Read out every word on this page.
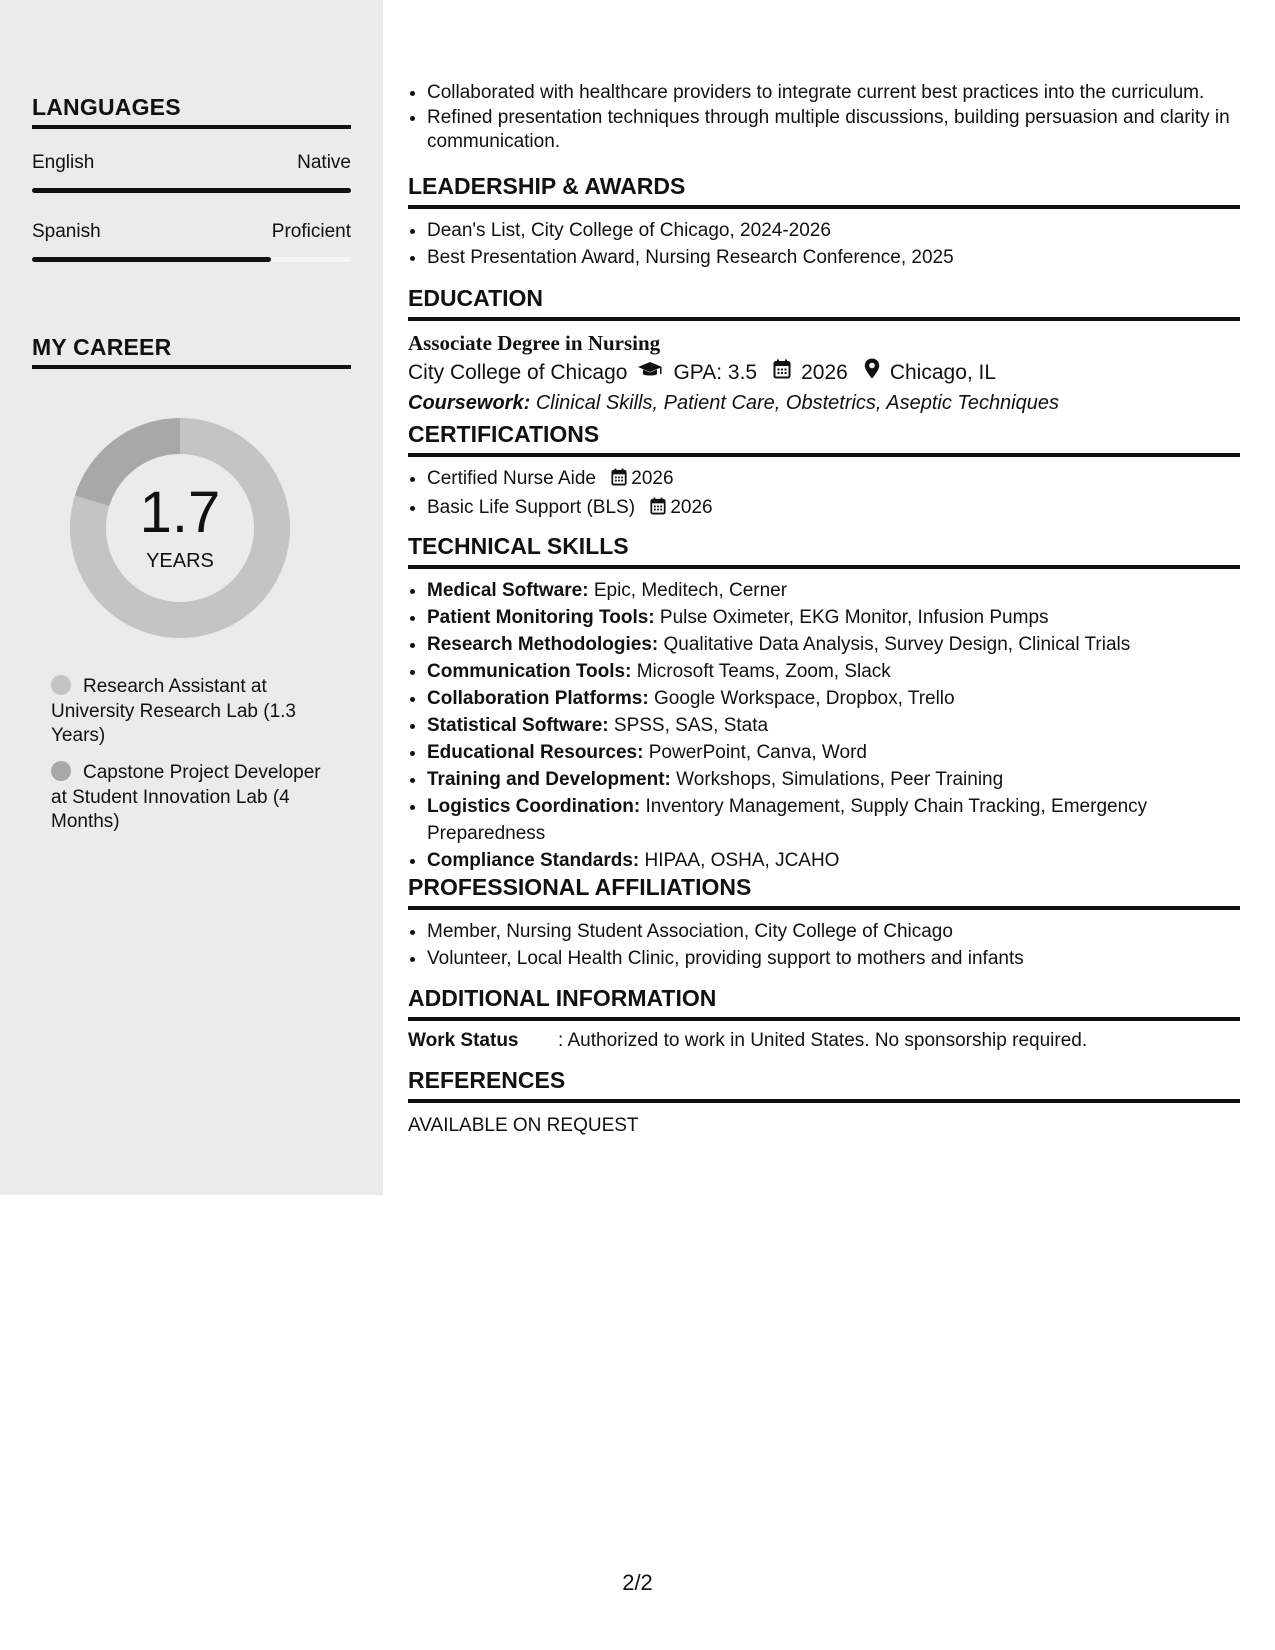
LANGUAGES
English	Native
Spanish	Proficient
MY CAREER
1.7
YEARS
Research Assistant at University Research Lab (1.3 Years)
Capstone Project Developer at Student Innovation Lab (4 Months)
• Collaborated with healthcare providers to integrate current best practices into the curriculum.
• Refined presentation techniques through multiple discussions, building persuasion and clarity in communication.
LEADERSHIP & AWARDS
• Dean's List, City College of Chicago, 2024-2026
• Best Presentation Award, Nursing Research Conference, 2025
EDUCATION
Associate Degree in Nursing
City College of Chicago GPA: 3.5 2026 Chicago, IL
Coursework: Clinical Skills, Patient Care, Obstetrics, Aseptic Techniques
CERTIFICATIONS
• Certified Nurse Aide 2026
• Basic Life Support (BLS) 2026
TECHNICAL SKILLS
• Medical Software: Epic, Meditech, Cerner
• Patient Monitoring Tools: Pulse Oximeter, EKG Monitor, Infusion Pumps
• Research Methodologies: Qualitative Data Analysis, Survey Design, Clinical Trials
• Communication Tools: Microsoft Teams, Zoom, Slack
• Collaboration Platforms: Google Workspace, Dropbox, Trello
• Statistical Software: SPSS, SAS, Stata
• Educational Resources: PowerPoint, Canva, Word
• Training and Development: Workshops, Simulations, Peer Training
• Logistics Coordination: Inventory Management, Supply Chain Tracking, Emergency Preparedness
• Compliance Standards: HIPAA, OSHA, JCAHO
PROFESSIONAL AFFILIATIONS
• Member, Nursing Student Association, City College of Chicago
• Volunteer, Local Health Clinic, providing support to mothers and infants
ADDITIONAL INFORMATION
Work Status	: Authorized to work in United States. No sponsorship required.
REFERENCES
AVAILABLE ON REQUEST
2/2
